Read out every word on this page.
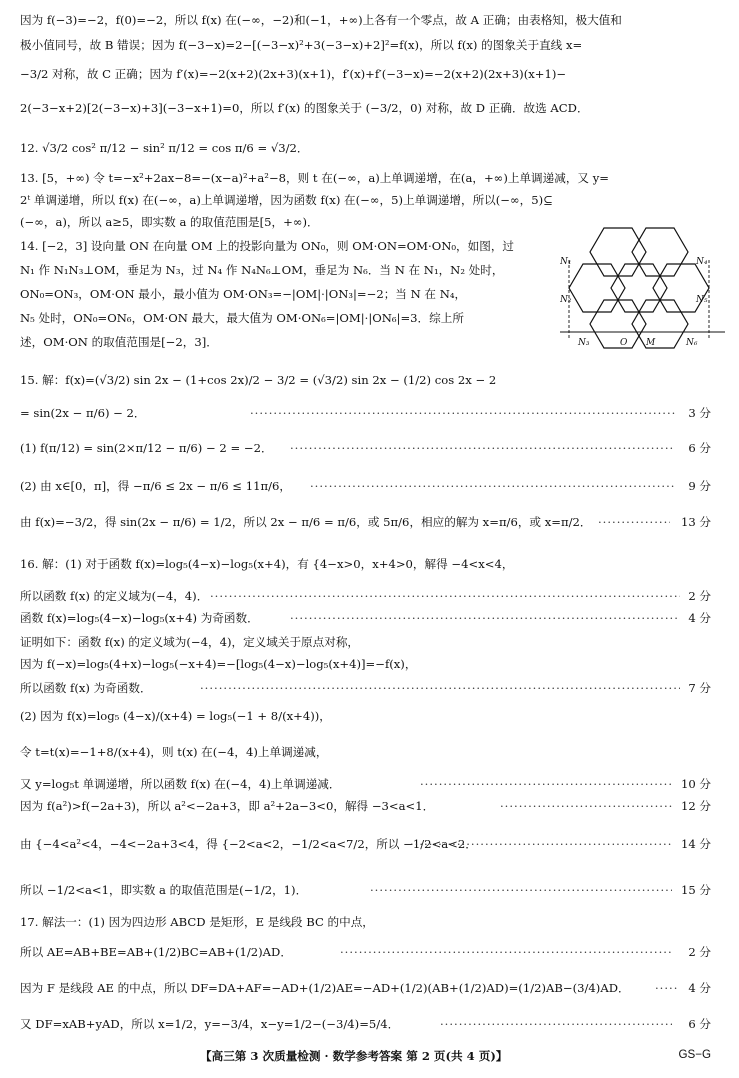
因为 f(−3)=−2，f(0)=−2，所以 f(x) 在(−∞，−2)和(−1，+∞)上各有一个零点，故 A 正确；由表格知，极大值和
极小值同号，故 B 错误；因为 f(−3−x)=2−[(−3−x)²+3(−3−x)+2]²=f(x)，所以 f(x) 的图象关于直线 x=
−3/2 对称，故 C 正确；因为 f′(x)=−2(x+2)(2x+3)(x+1)，f′(x)+f′(−3−x)=−2(x+2)(2x+3)(x+1)−
2(−3−x+2)[2(−3−x)+3](−3−x+1)=0，所以 f′(x) 的图象关于 (−3/2，0) 对称，故 D 正确．故选 ACD．
12. √3/2 cos² π/12 − sin² π/12 = cos π/6 = √3/2．
13. [5，+∞) 令 t=−x²+2ax−8=−(x−a)²+a²−8，则 t 在(−∞，a)上单调递增，在(a，+∞)上单调递减，又 y=
2ᵗ 单调递增，所以 f(x) 在(−∞，a)上单调递增，因为函数 f(x) 在(−∞，5)上单调递增，所以(−∞，5)⊆
(−∞，a)，所以 a≥5，即实数 a 的取值范围是[5，+∞)．
14. [−2，3] 设向量 ON 在向量 OM 上的投影向量为 ON₀，则 OM·ON=OM·ON₀，如图，过
N₁ 作 N₁N₃⊥OM，垂足为 N₃，过 N₄ 作 N₄N₆⊥OM，垂足为 N₆．当 N 在 N₁，N₂ 处时，
ON₀=ON₃，OM·ON 最小，最小值为 OM·ON₃=−|OM|·|ON₃|=−2；当 N 在 N₄，
N₅ 处时，ON₀=ON₆，OM·ON 最大，最大值为 OM·ON₆=|OM|·|ON₆|=3．综上所
述，OM·ON 的取值范围是[−2，3]．
N₁
N₂
N₃	O M
N₄
N₅
N₆
15. 解：f(x)=(√3/2) sin 2x − (1+cos 2x)/2 − 3/2 = (√3/2) sin 2x − (1/2) cos 2x − 2
= sin(2x − π/6) − 2． ·····	3 分
(1) f(π/12) = sin(2×π/12 − π/6) − 2 = −2． ·····	6 分
(2) 由 x∈[0，π]，得 −π/6 ≤ 2x − π/6 ≤ 11π/6， ·····	9 分
由 f(x)=−3/2，得 sin(2x − π/6) = 1/2，所以 2x − π/6 = π/6，或 5π/6，相应的解为 x=π/6，或 x=π/2． ·····	13 分
16. 解：(1) 对于函数 f(x)=log₅(4−x)−log₅(x+4)，有 {4−x>0，x+4>0，解得 −4<x<4，
所以函数 f(x) 的定义域为(−4，4)． ·····	2 分
函数 f(x)=log₅(4−x)−log₅(x+4) 为奇函数． ·····	4 分
证明如下：函数 f(x) 的定义域为(−4，4)，定义域关于原点对称，
因为 f(−x)=log₅(4+x)−log₅(−x+4)=−[log₅(4−x)−log₅(x+4)]=−f(x)，
所以函数 f(x) 为奇函数． ·····	7 分
(2) 因为 f(x)=log₅ (4−x)/(x+4) = log₅(−1 + 8/(x+4))，
令 t=t(x)=−1+8/(x+4)，则 t(x) 在(−4，4)上单调递减，
又 y=log₅t 单调递增，所以函数 f(x) 在(−4，4)上单调递减． ·····	10 分
因为 f(a²)>f(−2a+3)，所以 a²<−2a+3，即 a²+2a−3<0，解得 −3<a<1． ·····	12 分
由 {−4<a²<4，−4<−2a+3<4，得 {−2<a<2，−1/2<a<7/2，所以 −1/2<a<2． ·····	14 分
所以 −1/2<a<1，即实数 a 的取值范围是(−1/2，1)． ·····	15 分
17. 解法一：(1) 因为四边形 ABCD 是矩形，E 是线段 BC 的中点，
所以 AE=AB+BE=AB+(1/2)BC=AB+(1/2)AD． ·····	2 分
因为 F 是线段 AE 的中点，所以 DF=DA+AF=−AD+(1/2)AE=−AD+(1/2)(AB+(1/2)AD)=(1/2)AB−(3/4)AD． ·····	4 分
又 DF=xAB+yAD，所以 x=1/2，y=−3/4，x−y=1/2−(−3/4)=5/4． ·····	6 分
【高三第 3 次质量检测 · 数学参考答案 第 2 页(共 4 页)】	GS−G
